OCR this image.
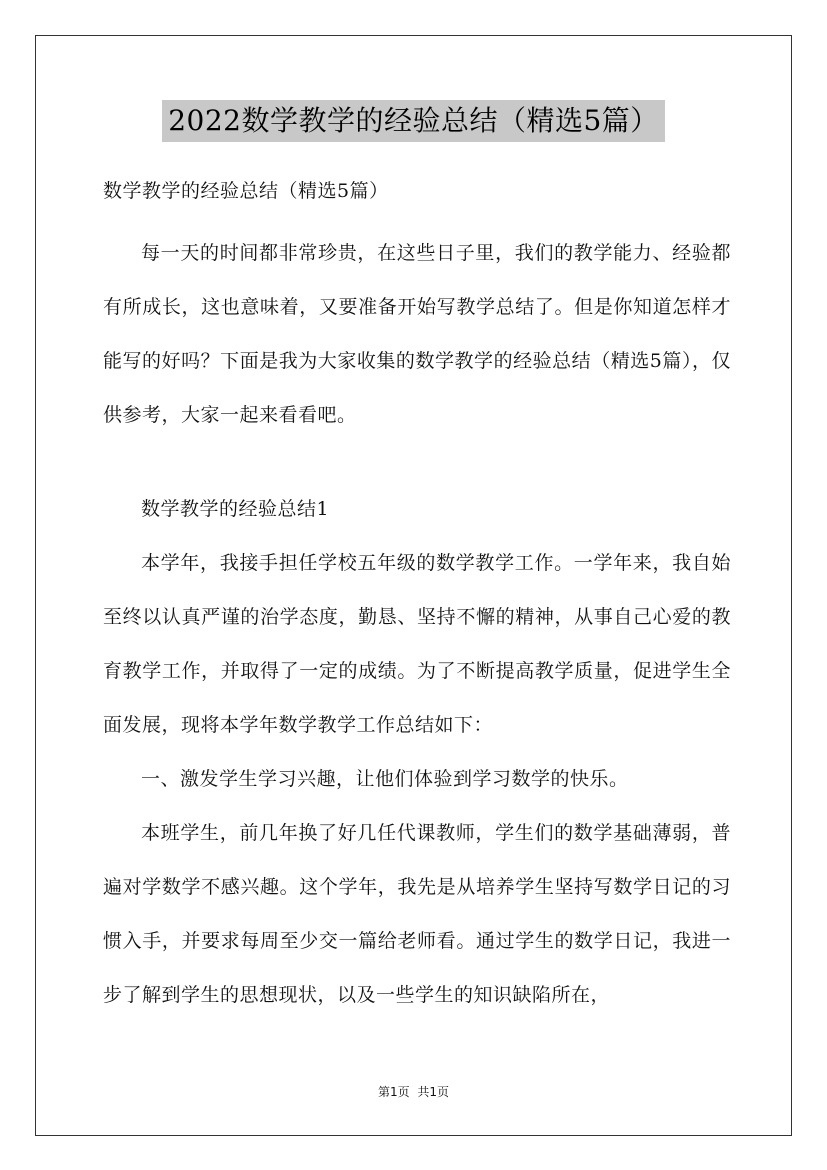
2022数学教学的经验总结（精选5篇）
数学教学的经验总结（精选5篇）

每一天的时间都非常珍贵，在这些日子里，我们的教学能力、经验都有所成长，这也意味着，又要准备开始写教学总结了。但是你知道怎样才能写的好吗？下面是我为大家收集的数学教学的经验总结（精选5篇），仅供参考，大家一起来看看吧。

数学教学的经验总结1

本学年，我接手担任学校五年级的数学教学工作。一学年来，我自始至终以认真严谨的治学态度，勤恳、坚持不懈的精神，从事自己心爱的教育教学工作，并取得了一定的成绩。为了不断提高教学质量，促进学生全面发展，现将本学年数学教学工作总结如下：

一、激发学生学习兴趣，让他们体验到学习数学的快乐。

本班学生，前几年换了好几任代课教师，学生们的数学基础薄弱，普遍对学数学不感兴趣。这个学年，我先是从培养学生坚持写数学日记的习惯入手，并要求每周至少交一篇给老师看。通过学生的数学日记，我进一步了解到学生的思想现状，以及一些学生的知识缺陷所在，

第1页 共1页
